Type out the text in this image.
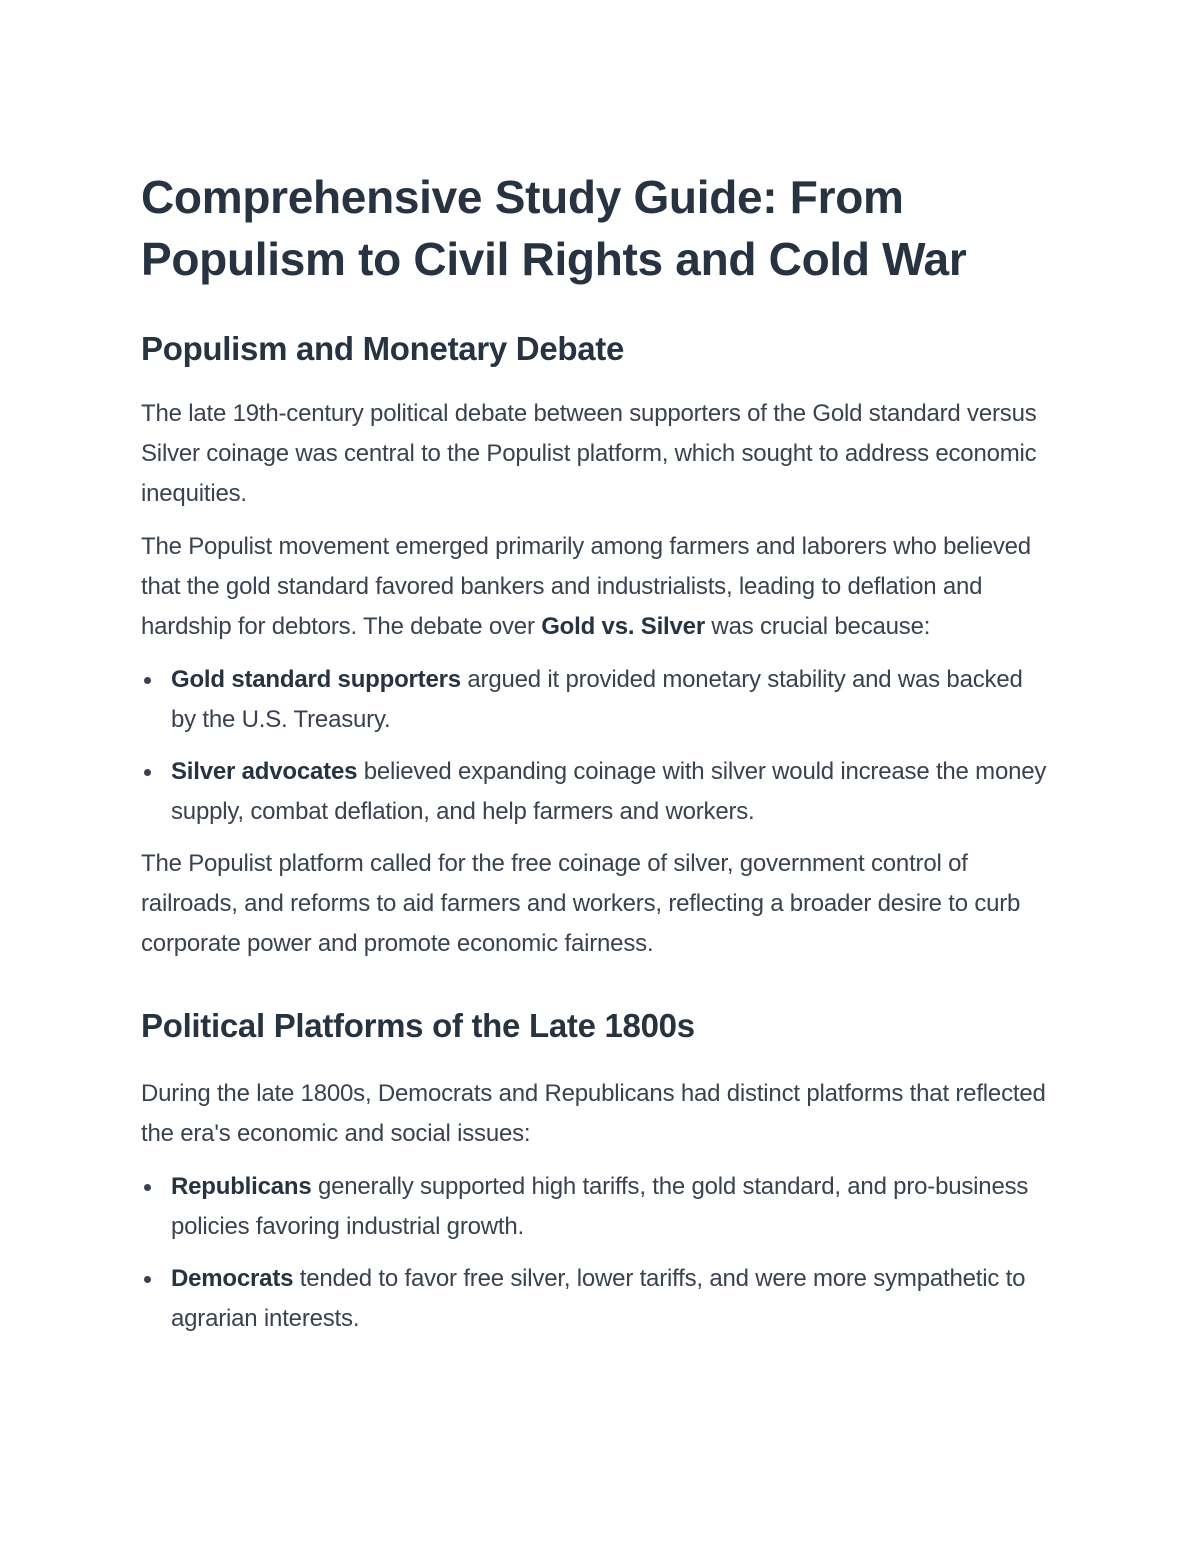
Comprehensive Study Guide: From Populism to Civil Rights and Cold War
Populism and Monetary Debate

The late 19th-century political debate between supporters of the Gold standard versus Silver coinage was central to the Populist platform, which sought to address economic inequities.

The Populist movement emerged primarily among farmers and laborers who believed that the gold standard favored bankers and industrialists, leading to deflation and hardship for debtors. The debate over Gold vs. Silver was crucial because:

Gold standard supporters argued it provided monetary stability and was backed by the U.S. Treasury.
Silver advocates believed expanding coinage with silver would increase the money supply, combat deflation, and help farmers and workers.

The Populist platform called for the free coinage of silver, government control of railroads, and reforms to aid farmers and workers, reflecting a broader desire to curb corporate power and promote economic fairness.

Political Platforms of the Late 1800s

During the late 1800s, Democrats and Republicans had distinct platforms that reflected the era's economic and social issues:

Republicans generally supported high tariffs, the gold standard, and pro-business policies favoring industrial growth.
Democrats tended to favor free silver, lower tariffs, and were more sympathetic to agrarian interests.
